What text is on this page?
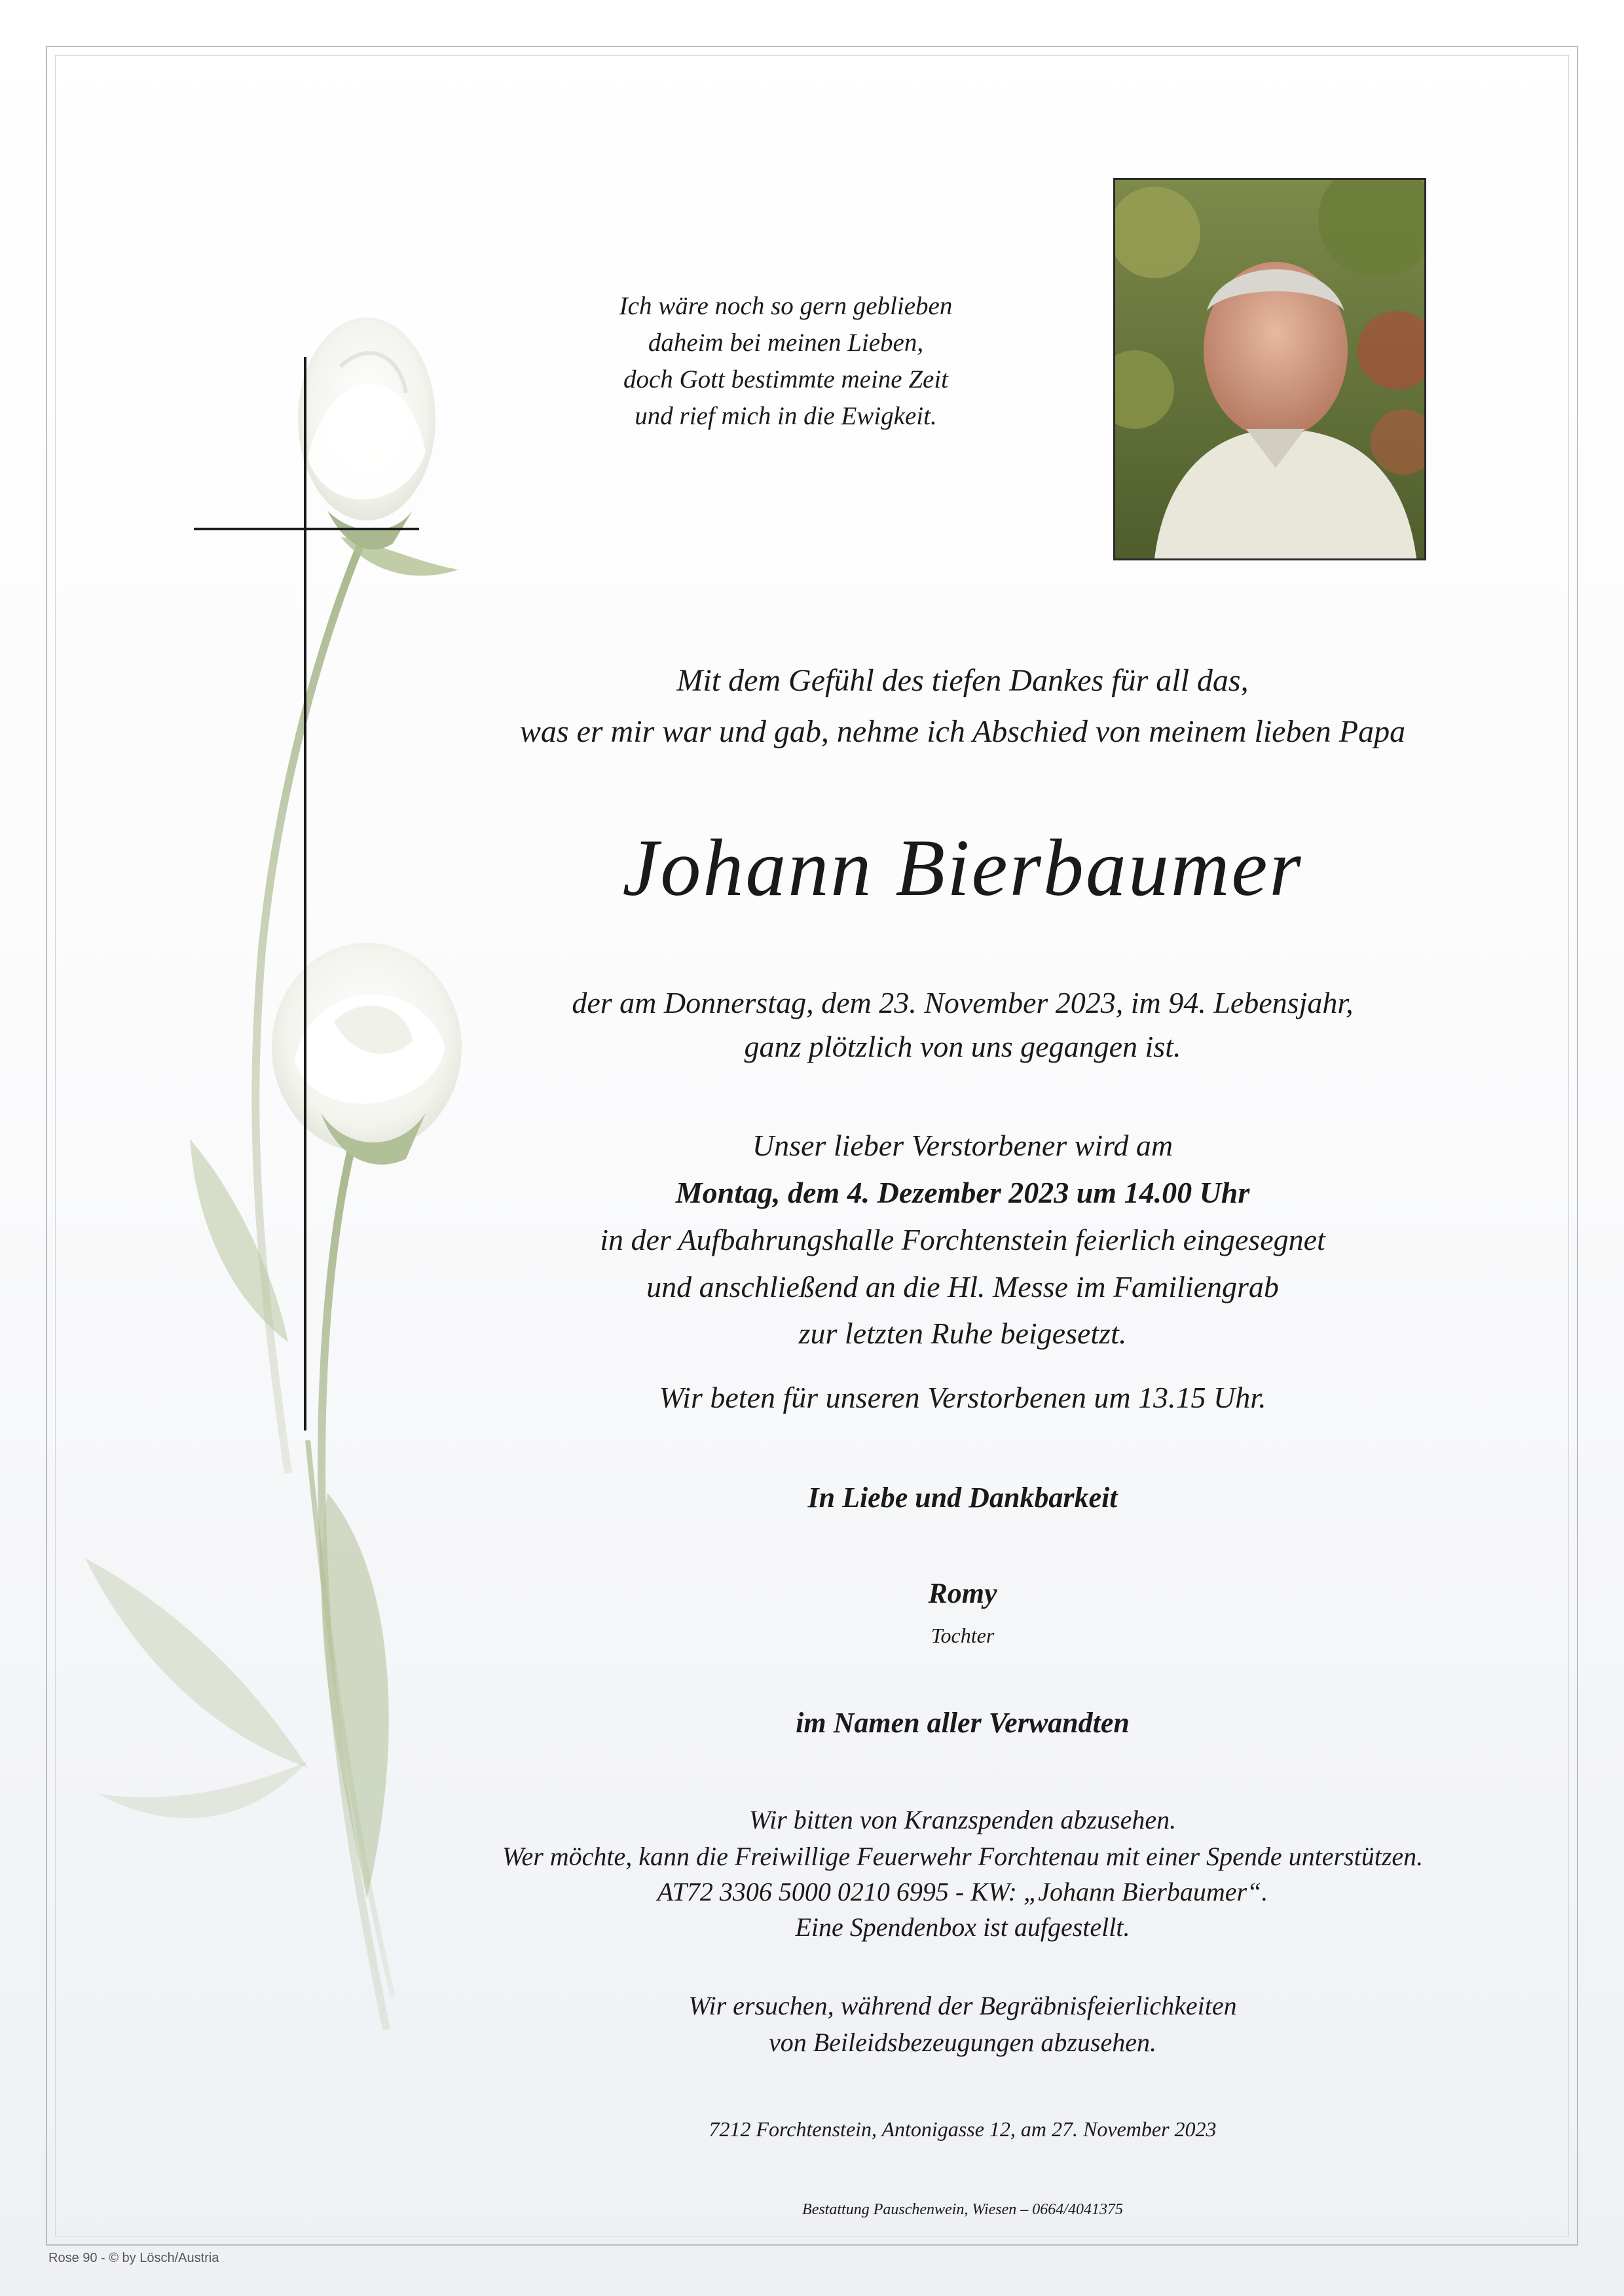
Ich wäre noch so gern geblieben
daheim bei meinen Lieben,
doch Gott bestimmte meine Zeit
und rief mich in die Ewigkeit.
Mit dem Gefühl des tiefen Dankes für all das,
was er mir war und gab, nehme ich Abschied von meinem lieben Papa
Johann Bierbaumer
der am Donnerstag, dem 23. November 2023, im 94. Lebensjahr,
ganz plötzlich von uns gegangen ist.
Unser lieber Verstorbener wird am
Montag, dem 4. Dezember 2023 um 14.00 Uhr
in der Aufbahrungshalle Forchtenstein feierlich eingesegnet
und anschließend an die Hl. Messe im Familiengrab
zur letzten Ruhe beigesetzt.
Wir beten für unseren Verstorbenen um 13.15 Uhr.
In Liebe und Dankbarkeit
Romy
Tochter
im Namen aller Verwandten
Wir bitten von Kranzspenden abzusehen.
Wer möchte, kann die Freiwillige Feuerwehr Forchtenau mit einer Spende unterstützen.
AT72 3306 5000 0210 6995 - KW: „Johann Bierbaumer“.
Eine Spendenbox ist aufgestellt.
Wir ersuchen, während der Begräbnisfeierlichkeiten
von Beileidsbezeugungen abzusehen.
7212 Forchtenstein, Antonigasse 12, am 27. November 2023
Bestattung Pauschenwein, Wiesen – 0664/4041375
Rose 90 - © by Lösch/Austria
